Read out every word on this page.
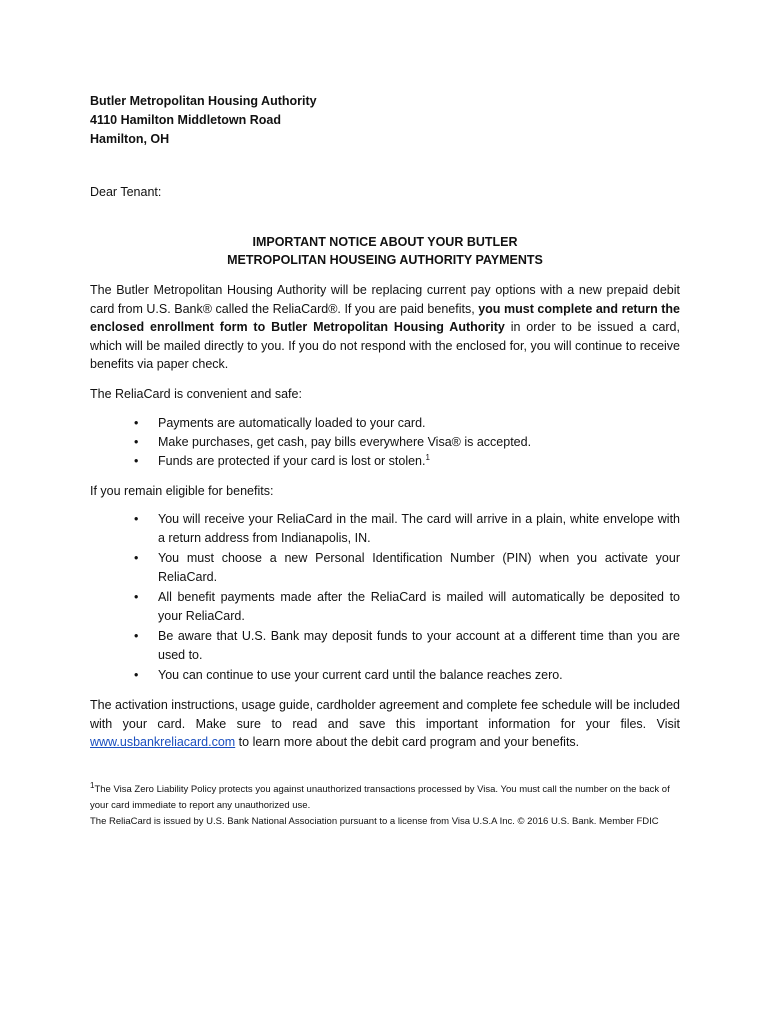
Butler Metropolitan Housing Authority
4110 Hamilton Middletown Road
Hamilton, OH
Dear Tenant:
IMPORTANT NOTICE ABOUT YOUR BUTLER
METROPOLITAN HOUSEING AUTHORITY PAYMENTS

The Butler Metropolitan Housing Authority will be replacing current pay options with a new prepaid debit card from U.S. Bank® called the ReliaCard®. If you are paid benefits, you must complete and return the enclosed enrollment form to Butler Metropolitan Housing Authority in order to be issued a card, which will be mailed directly to you. If you do not respond with the enclosed for, you will continue to receive benefits via paper check.

The ReliaCard is convenient and safe:

• Payments are automatically loaded to your card.
• Make purchases, get cash, pay bills everywhere Visa® is accepted.
• Funds are protected if your card is lost or stolen.$^1$

If you remain eligible for benefits:

• You will receive your ReliaCard in the mail. The card will arrive in a plain, white envelope with a return address from Indianapolis, IN.
• You must choose a new Personal Identification Number (PIN) when you activate your ReliaCard.
• All benefit payments made after the ReliaCard is mailed will automatically be deposited to your ReliaCard.
• Be aware that U.S. Bank may deposit funds to your account at a different time than you are used to.
• You can continue to use your current card until the balance reaches zero.

The activation instructions, usage guide, cardholder agreement and complete fee schedule will be included with your card. Make sure to read and save this important information for your files. Visit www.usbankreliacard.com to learn more about the debit card program and your benefits.

$^1$The Visa Zero Liability Policy protects you against unauthorized transactions processed by Visa. You must call the number on the back of your card immediate to report any unauthorized use.
The ReliaCard is issued by U.S. Bank National Association pursuant to a license from Visa U.S.A Inc. © 2016 U.S. Bank. Member FDIC
